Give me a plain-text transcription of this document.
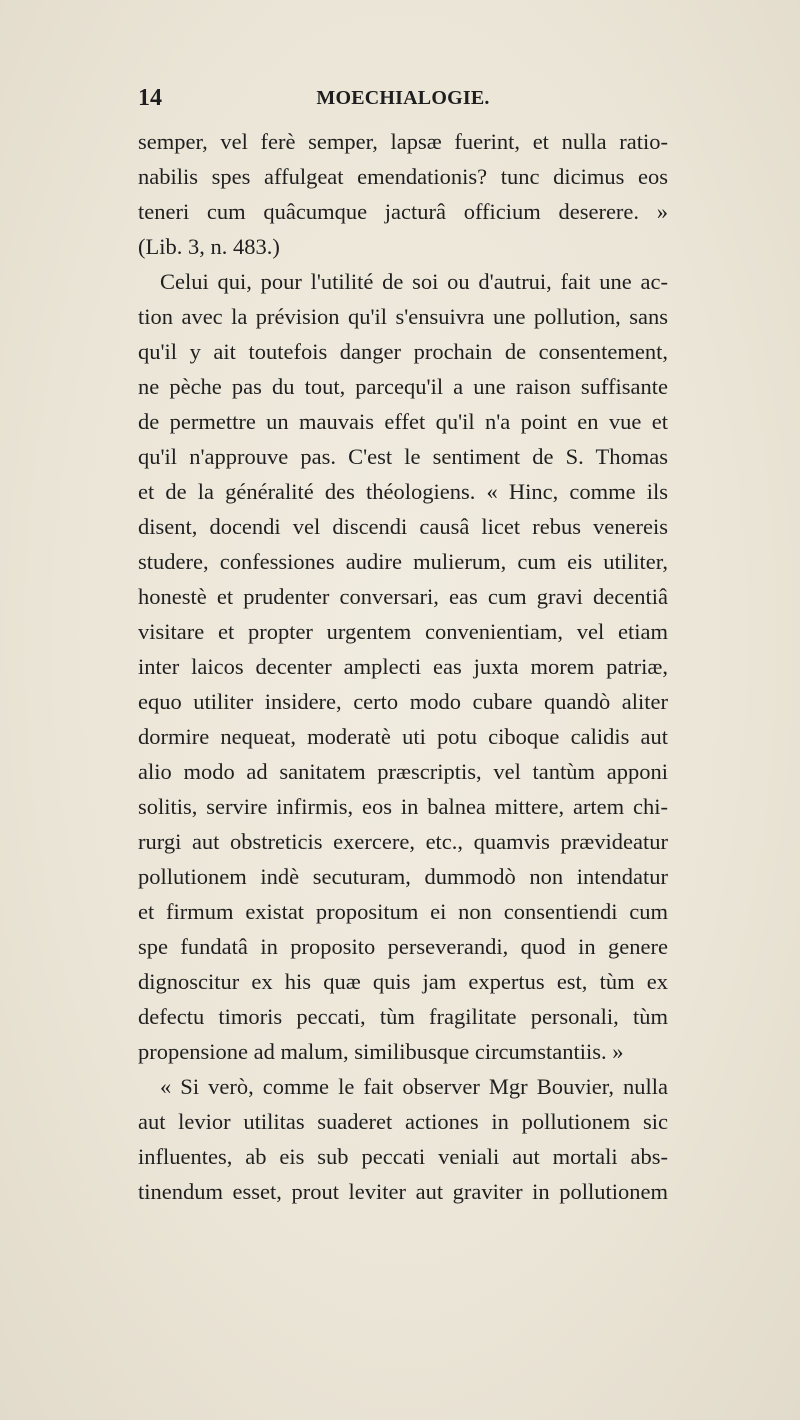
14	MOECHIALOGIE.
semper, vel ferè semper, lapsæ fuerint, et nulla ratio-
nabilis spes affulgeat emendationis? tunc dicimus eos
teneri cum quâcumque jacturâ officium deserere. »
(Lib. 3, n. 483.)
Celui qui, pour l'utilité de soi ou d'autrui, fait une ac-
tion avec la prévision qu'il s'ensuivra une pollution, sans
qu'il y ait toutefois danger prochain de consentement,
ne pèche pas du tout, parcequ'il a une raison suffisante
de permettre un mauvais effet qu'il n'a point en vue et
qu'il n'approuve pas. C'est le sentiment de S. Thomas
et de la généralité des théologiens. « Hinc, comme ils
disent, docendi vel discendi causâ licet rebus venereis
studere, confessiones audire mulierum, cum eis utiliter,
honestè et prudenter conversari, eas cum gravi decentiâ
visitare et propter urgentem convenientiam, vel etiam
inter laicos decenter amplecti eas juxta morem patriæ,
equo utiliter insidere, certo modo cubare quandò aliter
dormire nequeat, moderatè uti potu ciboque calidis aut
alio modo ad sanitatem præscriptis, vel tantùm apponi
solitis, servire infirmis, eos in balnea mittere, artem chi-
rurgi aut obstreticis exercere, etc., quamvis prævideatur
pollutionem indè secuturam, dummodò non intendatur
et firmum existat propositum ei non consentiendi cum
spe fundatâ in proposito perseverandi, quod in genere
dignoscitur ex his quæ quis jam expertus est, tùm ex
defectu timoris peccati, tùm fragilitate personali, tùm
propensione ad malum, similibusque circumstantiis. »
« Si verò, comme le fait observer Mgr Bouvier, nulla
aut levior utilitas suaderet actiones in pollutionem sic
influentes, ab eis sub peccati veniali aut mortali abs-
tinendum esset, prout leviter aut graviter in pollutionem
